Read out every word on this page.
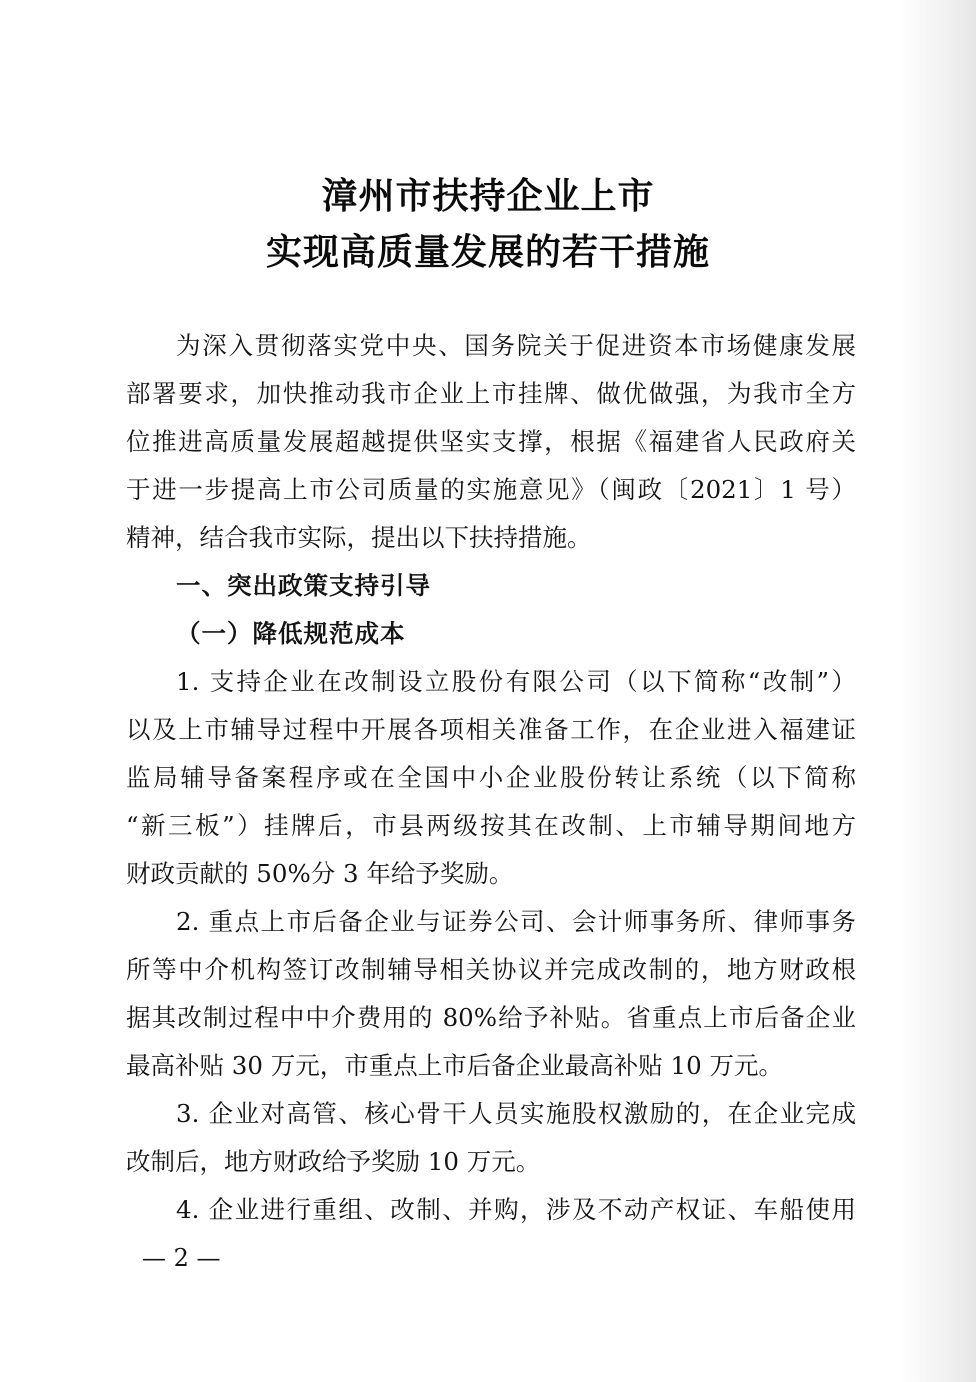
漳州市扶持企业上市
实现高质量发展的若干措施
为深入贯彻落实党中央、国务院关于促进资本市场健康发展
部署要求，加快推动我市企业上市挂牌、做优做强，为我市全方
位推进高质量发展超越提供坚实支撑，根据《福建省人民政府关
于进一步提高上市公司质量的实施意见》（闽政〔2021〕1 号）
精神，结合我市实际，提出以下扶持措施。
一、突出政策支持引导
（一）降低规范成本
1. 支持企业在改制设立股份有限公司（以下简称“改制”）
以及上市辅导过程中开展各项相关准备工作，在企业进入福建证
监局辅导备案程序或在全国中小企业股份转让系统（以下简称
“新三板”）挂牌后，市县两级按其在改制、上市辅导期间地方
财政贡献的 50%分 3 年给予奖励。
2. 重点上市后备企业与证券公司、会计师事务所、律师事务
所等中介机构签订改制辅导相关协议并完成改制的，地方财政根
据其改制过程中中介费用的 80%给予补贴。省重点上市后备企业
最高补贴 30 万元，市重点上市后备企业最高补贴 10 万元。
3. 企业对高管、核心骨干人员实施股权激励的，在企业完成
改制后，地方财政给予奖励 10 万元。
4. 企业进行重组、改制、并购，涉及不动产权证、车船使用
— 2 —
